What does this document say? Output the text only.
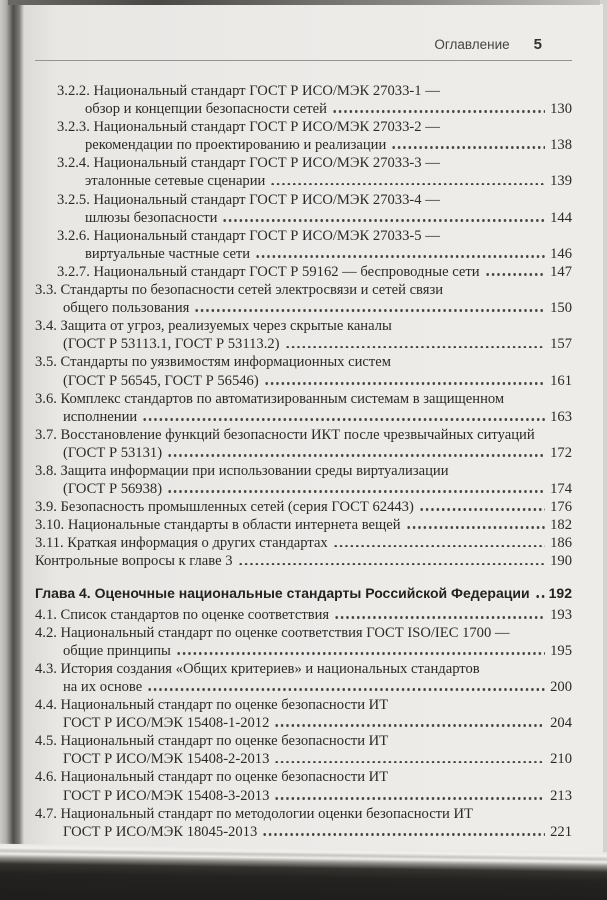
Оглавление 5
3.2.2. Национальный стандарт ГОСТ Р ИСО/МЭК 27033-1 —
обзор и концепции безопасности сетей	130
3.2.3. Национальный стандарт ГОСТ Р ИСО/МЭК 27033-2 —
рекомендации по проектированию и реализации	138
3.2.4. Национальный стандарт ГОСТ Р ИСО/МЭК 27033-3 —
эталонные сетевые сценарии	139
3.2.5. Национальный стандарт ГОСТ Р ИСО/МЭК 27033-4 —
шлюзы безопасности	144
3.2.6. Национальный стандарт ГОСТ Р ИСО/МЭК 27033-5 —
виртуальные частные сети	146
3.2.7. Национальный стандарт ГОСТ Р 59162 — беспроводные сети	147
3.3. Стандарты по безопасности сетей электросвязи и сетей связи
общего пользования	150
3.4. Защита от угроз, реализуемых через скрытые каналы
(ГОСТ Р 53113.1, ГОСТ Р 53113.2)	157
3.5. Стандарты по уязвимостям информационных систем
(ГОСТ Р 56545, ГОСТ Р 56546)	161
3.6. Комплекс стандартов по автоматизированным системам в защищенном
исполнении	163
3.7. Восстановление функций безопасности ИКТ после чрезвычайных ситуаций
(ГОСТ Р 53131)	172
3.8. Защита информации при использовании среды виртуализации
(ГОСТ Р 56938)	174
3.9. Безопасность промышленных сетей (серия ГОСТ 62443)	176
3.10. Национальные стандарты в области интернета вещей	182
3.11. Краткая информация о других стандартах	186
Контрольные вопросы к главе 3	190
Глава 4. Оценочные национальные стандарты Российской Федерации 192
4.1. Список стандартов по оценке соответствия	193
4.2. Национальный стандарт по оценке соответствия ГОСТ ISO/IEC 1700 —
общие принципы	195
4.3. История создания «Общих критериев» и национальных стандартов
на их основе	200
4.4. Национальный стандарт по оценке безопасности ИТ
ГОСТ Р ИСО/МЭК 15408-1-2012	204
4.5. Национальный стандарт по оценке безопасности ИТ
ГОСТ Р ИСО/МЭК 15408-2-2013	210
4.6. Национальный стандарт по оценке безопасности ИТ
ГОСТ Р ИСО/МЭК 15408-3-2013	213
4.7. Национальный стандарт по методологии оценки безопасности ИТ
ГОСТ Р ИСО/МЭК 18045-2013	221
